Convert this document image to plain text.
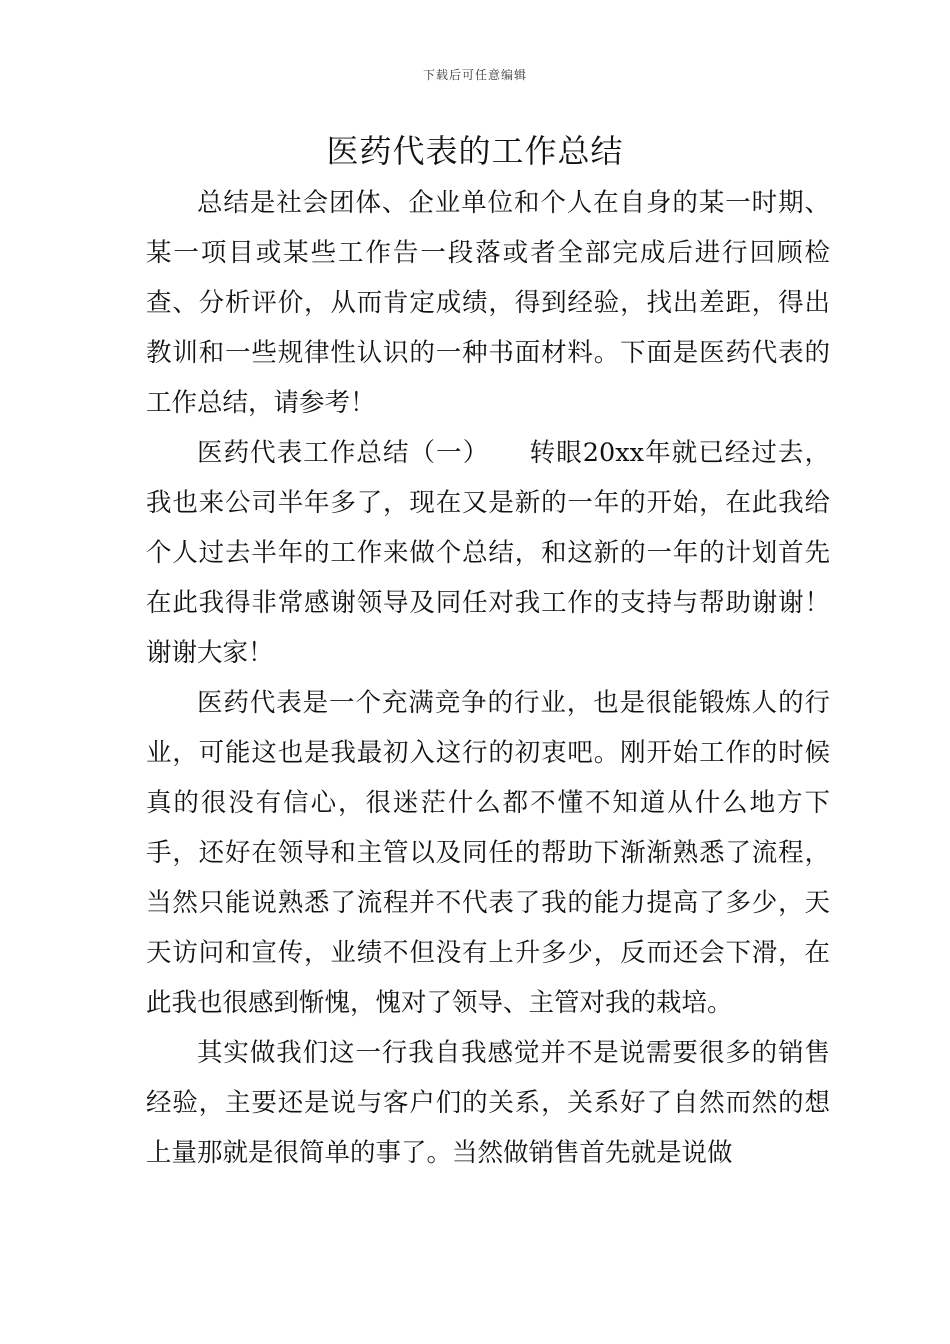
下载后可任意编辑
医药代表的工作总结

总结是社会团体、企业单位和个人在自身的某一时期、某一项目或某些工作告一段落或者全部完成后进行回顾检查、分析评价，从而肯定成绩，得到经验，找出差距，得出教训和一些规律性认识的一种书面材料。下面是医药代表的工作总结，请参考！

医药代表工作总结（一）　　转眼20xx年就已经过去，我也来公司半年多了，现在又是新的一年的开始，在此我给个人过去半年的工作来做个总结，和这新的一年的计划首先在此我得非常感谢领导及同任对我工作的支持与帮助谢谢！谢谢大家！

医药代表是一个充满竞争的行业，也是很能锻炼人的行业，可能这也是我最初入这行的初衷吧。刚开始工作的时候真的很没有信心，很迷茫什么都不懂不知道从什么地方下手，还好在领导和主管以及同任的帮助下渐渐熟悉了流程，当然只能说熟悉了流程并不代表了我的能力提高了多少，天天访问和宣传，业绩不但没有上升多少，反而还会下滑，在此我也很感到惭愧，愧对了领导、主管对我的栽培。

其实做我们这一行我自我感觉并不是说需要很多的销售经验，主要还是说与客户们的关系，关系好了自然而然的想上量那就是很简单的事了。当然做销售首先就是说做
